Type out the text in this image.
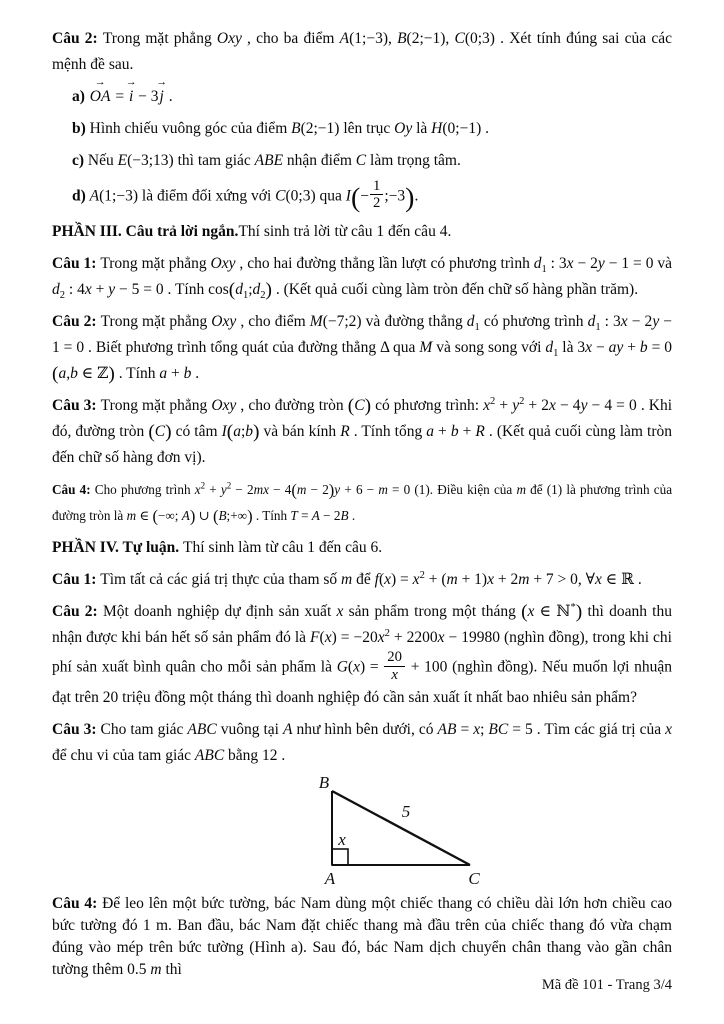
Câu 2: Trong mặt phẳng Oxy , cho ba điểm A(1;−3), B(2;−1), C(0;3) . Xét tính đúng sai của các mệnh đề sau.

a) → OA = → i − 3→ j .

b) Hình chiếu vuông góc của điểm B(2;−1) lên trục Oy là H(0;−1) .

c) Nếu E(−3;13) thì tam giác ABE nhận điểm C làm trọng tâm.

d) A(1;−3) là điểm đối xứng với C(0;3) qua $I(- \frac{1}{2}$ ;−3).

PHẦN III. Câu trả lời ngắn.Thí sinh trả lời từ câu 1 đến câu 4.

Câu 1: Trong mặt phẳng Oxy , cho hai đường thẳng lần lượt có phương trình $d_1$ : 3x − 2y − 1 = 0 và $d_2$ : 4x + y − 5 = 0 . Tính $\cos(d_1;d_2)$ . (Kết quả cuối cùng làm tròn đến chữ số hàng phần trăm).

Câu 2: Trong mặt phẳng Oxy , cho điểm M(−7;2) và đường thẳng $d_1$ có phương trình $d_1$ : 3x − 2y − 1 = 0 . Biết phương trình tổng quát của đường thẳng Δ qua M và song song với $d_1$ là 3x − ay + b = 0 (a,b ∈ ℤ) . Tính a + b .

Câu 3: Trong mặt phẳng Oxy , cho đường tròn (C) có phương trình: $x^2 + y^2 + 2x - 4y - 4 = 0$ . Khi đó, đường tròn (C) có tâm I(a;b) và bán kính R . Tính tổng a + b + R . (Kết quả cuối cùng làm tròn đến chữ số hàng đơn vị).

Câu 4: Cho phương trình $x^2 + y^2 - 2mx - 4(m - 2)y + 6 - m = 0$ (1). Điều kiện của m để (1) là phương trình của đường tròn là m ∈ (−∞; A) ∪ (B;+∞) . Tính T = A − 2B .

PHẦN IV. Tự luận. Thí sinh làm từ câu 1 đến câu 6.

Câu 1: Tìm tất cả các giá trị thực của tham số m để $f(x) = x^2 + (m + 1)x + 2m + 7 > 0$, ∀x ∈ ℝ .

Câu 2: Một doanh nghiệp dự định sản xuất x sản phẩm trong một tháng (x ∈ ℕ*) thì doanh thu nhận được khi bán hết số sản phẩm đó là $F(x) = -20x^2 + 2200x - 19980$ (nghìn đồng), trong khi chi phí sản xuất bình quân cho mỗi sản phẩm là $G(x) = \frac{20}{x} + 100$ (nghìn đồng). Nếu muốn lợi nhuận đạt trên 20 triệu đồng một tháng thì doanh nghiệp đó cần sản xuất ít nhất bao nhiêu sản phẩm?

Câu 3: Cho tam giác ABC vuông tại A như hình bên dưới, có AB = x; BC = 5 . Tìm các giá trị của x để chu vi của tam giác ABC bằng 12 .

B
A	C
x
5

Câu 4: Để leo lên một bức tường, bác Nam dùng một chiếc thang có chiều dài lớn hơn chiều cao bức tường đó 1 m. Ban đầu, bác Nam đặt chiếc thang mà đầu trên của chiếc thang đó vừa chạm đúng vào mép trên bức tường (Hình a). Sau đó, bác Nam dịch chuyển chân thang vào gần chân tường thêm 0.5 m thì

Mã đề 101 - Trang 3/4
